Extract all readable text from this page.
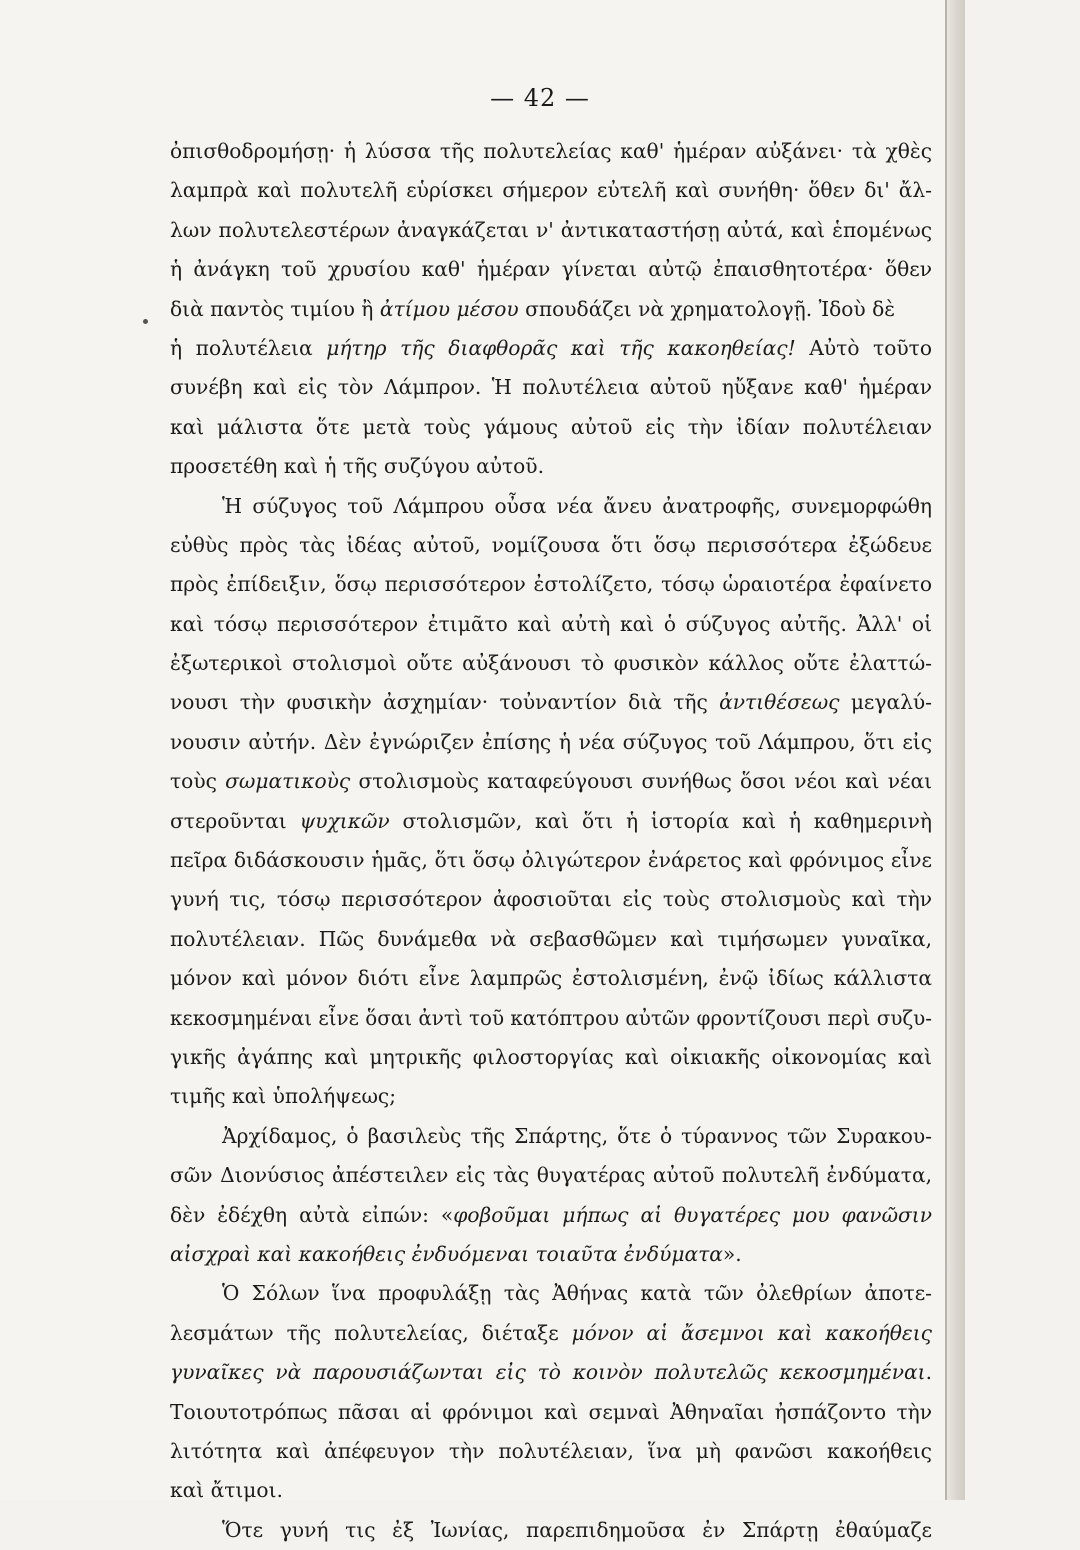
— 42 —
ὀπισθοδρομήσῃ· ἡ λύσσα τῆς πολυτελείας καθ' ἡμέραν αὐξάνει· τὰ χθὲς
λαμπρὰ καὶ πολυτελῆ εὑρίσκει σήμερον εὐτελῆ καὶ συνήθη· ὅθεν δι' ἄλ-
λων πολυτελεστέρων ἀναγκάζεται ν' ἀντικαταστήσῃ αὐτά, καὶ ἑπομένως
ἡ ἀνάγκη τοῦ χρυσίου καθ' ἡμέραν γίνεται αὐτῷ ἐπαισθητοτέρα· ὅθεν
διὰ παντὸς τιμίου ἢ ἀτίμου μέσου σπουδάζει νὰ χρηματολογῇ. Ἰδοὺ δὲ
ἡ πολυτέλεια μήτηρ τῆς διαφθορᾶς καὶ τῆς κακοηθείας! Αὐτὸ τοῦτο
συνέβη καὶ εἰς τὸν Λάμπρον. Ἡ πολυτέλεια αὐτοῦ ηὔξανε καθ' ἡμέραν
καὶ μάλιστα ὅτε μετὰ τοὺς γάμους αὐτοῦ εἰς τὴν ἰδίαν πολυτέλειαν
προσετέθη καὶ ἡ τῆς συζύγου αὐτοῦ.
Ἡ σύζυγος τοῦ Λάμπρου οὖσα νέα ἄνευ ἀνατροφῆς, συνεμορφώθη
εὐθὺς πρὸς τὰς ἰδέας αὐτοῦ, νομίζουσα ὅτι ὅσῳ περισσότερα ἐξώδευε
πρὸς ἐπίδειξιν, ὅσῳ περισσότερον ἐστολίζετο, τόσῳ ὡραιοτέρα ἐφαίνετο
καὶ τόσῳ περισσότερον ἐτιμᾶτο καὶ αὐτὴ καὶ ὁ σύζυγος αὐτῆς. Ἀλλ' οἱ
ἐξωτερικοὶ στολισμοὶ οὔτε αὐξάνουσι τὸ φυσικὸν κάλλος οὔτε ἐλαττώ-
νουσι τὴν φυσικὴν ἀσχημίαν· τοὐναντίον διὰ τῆς ἀντιθέσεως μεγαλύ-
νουσιν αὐτήν. Δὲν ἐγνώριζεν ἐπίσης ἡ νέα σύζυγος τοῦ Λάμπρου, ὅτι εἰς
τοὺς σωματικοὺς στολισμοὺς καταφεύγουσι συνήθως ὅσοι νέοι καὶ νέαι
στεροῦνται ψυχικῶν στολισμῶν, καὶ ὅτι ἡ ἱστορία καὶ ἡ καθημερινὴ
πεῖρα διδάσκουσιν ἡμᾶς, ὅτι ὅσῳ ὀλιγώτερον ἐνάρετος καὶ φρόνιμος εἶνε
γυνή τις, τόσῳ περισσότερον ἀφοσιοῦται εἰς τοὺς στολισμοὺς καὶ τὴν
πολυτέλειαν. Πῶς δυνάμεθα νὰ σεβασθῶμεν καὶ τιμήσωμεν γυναῖκα,
μόνον καὶ μόνον διότι εἶνε λαμπρῶς ἐστολισμένη, ἐνῷ ἰδίως κάλλιστα
κεκοσμημέναι εἶνε ὅσαι ἀντὶ τοῦ κατόπτρου αὐτῶν φροντίζουσι περὶ συζυ-
γικῆς ἀγάπης καὶ μητρικῆς φιλοστοργίας καὶ οἰκιακῆς οἰκονομίας καὶ
τιμῆς καὶ ὑπολήψεως;
Ἀρχίδαμος, ὁ βασιλεὺς τῆς Σπάρτης, ὅτε ὁ τύραννος τῶν Συρακου-
σῶν Διονύσιος ἀπέστειλεν εἰς τὰς θυγατέρας αὐτοῦ πολυτελῆ ἐνδύματα,
δὲν ἐδέχθη αὐτὰ εἰπών: «φοβοῦμαι μήπως αἱ θυγατέρες μου φανῶσιν
αἰσχραὶ καὶ κακοήθεις ἐνδυόμεναι τοιαῦτα ἐνδύματα».
Ὁ Σόλων ἵνα προφυλάξῃ τὰς Ἀθήνας κατὰ τῶν ὀλεθρίων ἀποτε-
λεσμάτων τῆς πολυτελείας, διέταξε μόνον αἱ ἄσεμνοι καὶ κακοήθεις
γυναῖκες νὰ παρουσιάζωνται εἰς τὸ κοινὸν πολυτελῶς κεκοσμημέναι.
Τοιουτοτρόπως πᾶσαι αἱ φρόνιμοι καὶ σεμναὶ Ἀθηναῖαι ἠσπάζοντο τὴν
λιτότητα καὶ ἀπέφευγον τὴν πολυτέλειαν, ἵνα μὴ φανῶσι κακοήθεις
καὶ ἄτιμοι.
Ὅτε γυνή τις ἐξ Ἰωνίας, παρεπιδημοῦσα ἐν Σπάρτῃ ἐθαύμαζε
